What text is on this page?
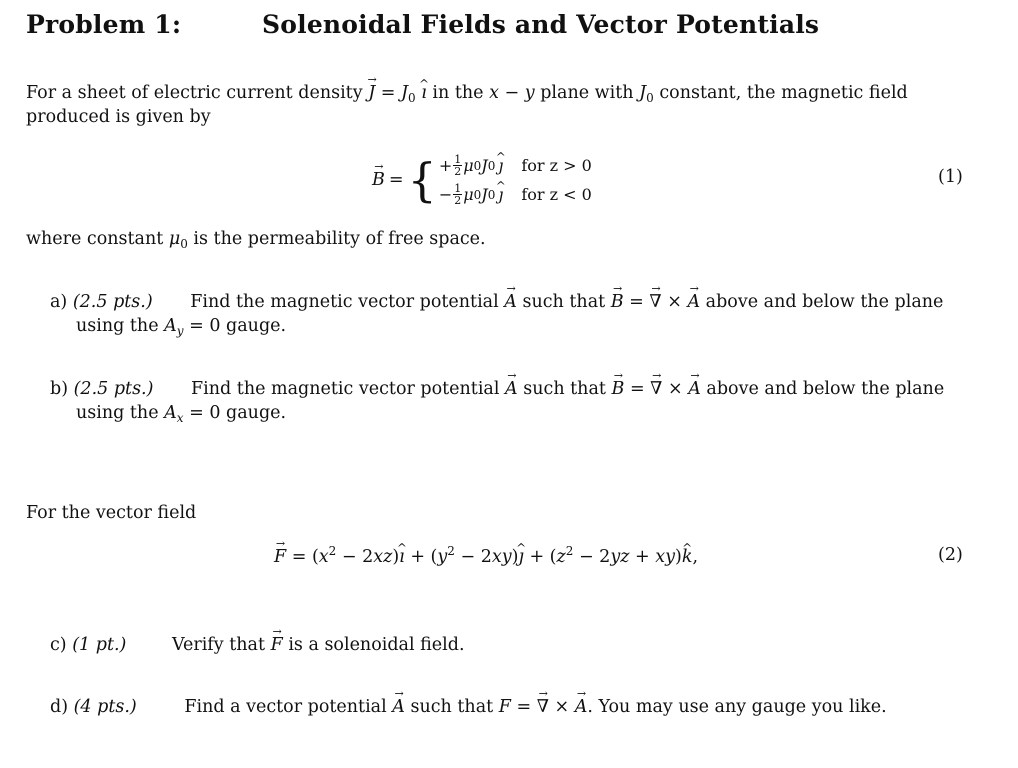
Problem 1:	Solenoidal Fields and Vector Potentials
For a sheet of electric current density J → = $J_0$ ı ^ in the x − y plane with $J_0$ constant, the magnetic field
produced is given by
B → = { + $\frac{1}{2}$ μ 0 J 0 ȷ ^ for z > 0
− $\frac{1}{2}$ μ 0 J 0 ȷ ^ for z < 0
(1)
where constant $\mu_0$ is the permeability of free space.
a) (2.5 pts.) Find the magnetic vector potential A → such that B → = ∇ → × A → above and below the plane
using the $A_y = 0$ gauge.
b) (2.5 pts.) Find the magnetic vector potential A → such that B → = ∇ → × A → above and below the plane
using the $A_x = 0$ gauge.
For the vector field
F → = ($x^2$ − 2xz)ı ^ + ($y^2$ − 2xy)ȷ ^ + $(z^2 - 2yz + xy)k$ ^,	(2)
c) (1 pt.)	Verify that F → is a solenoidal field.
d) (4 pts.)	Find a vector potential A → such that F = ∇ → × A →. You may use any gauge you like.
